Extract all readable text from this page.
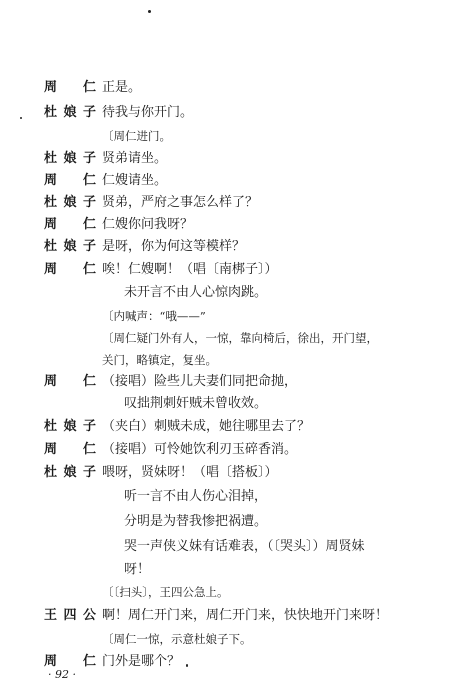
周 仁 正是。
杜娘子 待我与你开门。
〔周仁进门。
杜娘子 贤弟请坐。
周 仁 仁嫂请坐。
杜娘子 贤弟，严府之事怎么样了？
周 仁 仁嫂你问我呀？
杜娘子 是呀，你为何这等模样？
周 仁 唉！仁嫂啊！（唱〔南梆子〕）
未开言不由人心惊肉跳。
〔内喊声：“哦——”
〔周仁疑门外有人，一惊，靠向椅后，徐出，开门望，
关门，略镇定，复坐。
周 仁 （接唱）险些儿夫妻们同把命抛，
叹拙荆刺奸贼未曾收效。
杜娘子 （夹白）刺贼未成，她往哪里去了？
周 仁 （接唱）可怜她饮利刃玉碎香消。
杜娘子 喂呀，贤妹呀！（唱〔搭板〕）
听一言不由人伤心泪掉，
分明是为替我惨把祸遭。
哭一声侠义妹有话难表，（〔哭头〕）周贤妹
呀！
〔〔扫头〕，王四公急上。
王四公 啊！周仁开门来，周仁开门来，快快地开门来呀！
〔周仁一惊，示意杜娘子下。
周 仁 门外是哪个？
· 92 ·
